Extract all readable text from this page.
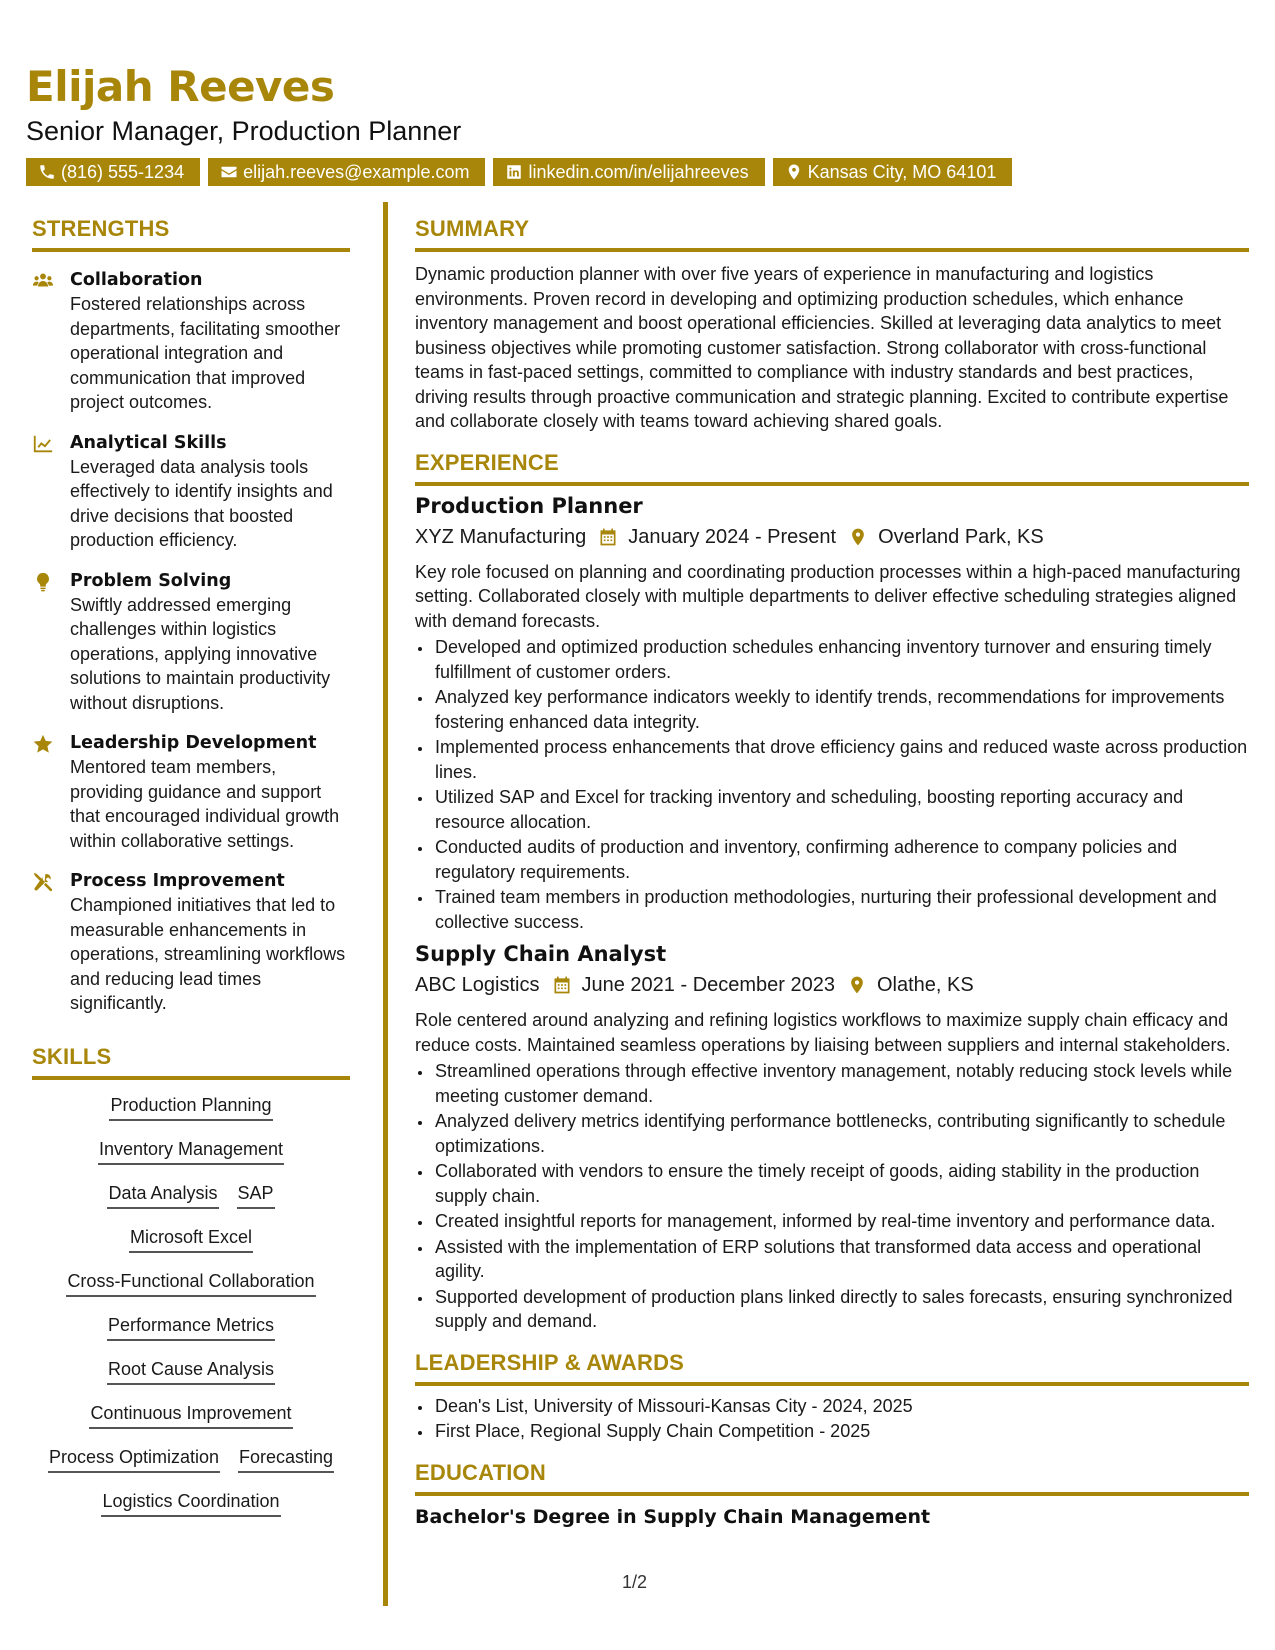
Elijah Reeves
Senior Manager, Production Planner
(816) 555-1234	elijah.reeves@example.com	linkedin.com/in/elijahreeves	Kansas City, MO 64101
STRENGTHS
Collaboration
Fostered relationships across departments, facilitating smoother operational integration and communication that improved project outcomes.
Analytical Skills
Leveraged data analysis tools effectively to identify insights and drive decisions that boosted production efficiency.
Problem Solving
Swiftly addressed emerging challenges within logistics operations, applying innovative solutions to maintain productivity without disruptions.
Leadership Development
Mentored team members, providing guidance and support that encouraged individual growth within collaborative settings.
Process Improvement
Championed initiatives that led to measurable enhancements in operations, streamlining workflows and reducing lead times significantly.
SKILLS
Production Planning
Inventory Management
Data Analysis SAP
Microsoft Excel
Cross-Functional Collaboration
Performance Metrics
Root Cause Analysis
Continuous Improvement
Process Optimization Forecasting
Logistics Coordination
SUMMARY
Dynamic production planner with over five years of experience in manufacturing and logistics environments. Proven record in developing and optimizing production schedules, which enhance inventory management and boost operational efficiencies. Skilled at leveraging data analytics to meet business objectives while promoting customer satisfaction. Strong collaborator with cross-functional teams in fast-paced settings, committed to compliance with industry standards and best practices, driving results through proactive communication and strategic planning. Excited to contribute expertise and collaborate closely with teams toward achieving shared goals.
EXPERIENCE
Production Planner
XYZ Manufacturing January 2024 - Present Overland Park, KS
Key role focused on planning and coordinating production processes within a high-paced manufacturing setting. Collaborated closely with multiple departments to deliver effective scheduling strategies aligned with demand forecasts.
• Developed and optimized production schedules enhancing inventory turnover and ensuring timely fulfillment of customer orders.
• Analyzed key performance indicators weekly to identify trends, recommendations for improvements fostering enhanced data integrity.
• Implemented process enhancements that drove efficiency gains and reduced waste across production lines.
• Utilized SAP and Excel for tracking inventory and scheduling, boosting reporting accuracy and resource allocation.
• Conducted audits of production and inventory, confirming adherence to company policies and regulatory requirements.
• Trained team members in production methodologies, nurturing their professional development and collective success.
Supply Chain Analyst
ABC Logistics June 2021 - December 2023 Olathe, KS
Role centered around analyzing and refining logistics workflows to maximize supply chain efficacy and reduce costs. Maintained seamless operations by liaising between suppliers and internal stakeholders.
• Streamlined operations through effective inventory management, notably reducing stock levels while meeting customer demand.
• Analyzed delivery metrics identifying performance bottlenecks, contributing significantly to schedule optimizations.
• Collaborated with vendors to ensure the timely receipt of goods, aiding stability in the production supply chain.
• Created insightful reports for management, informed by real-time inventory and performance data.
• Assisted with the implementation of ERP solutions that transformed data access and operational agility.
• Supported development of production plans linked directly to sales forecasts, ensuring synchronized supply and demand.
LEADERSHIP & AWARDS
• Dean's List, University of Missouri-Kansas City - 2024, 2025
• First Place, Regional Supply Chain Competition - 2025
EDUCATION
Bachelor's Degree in Supply Chain Management
1/2
